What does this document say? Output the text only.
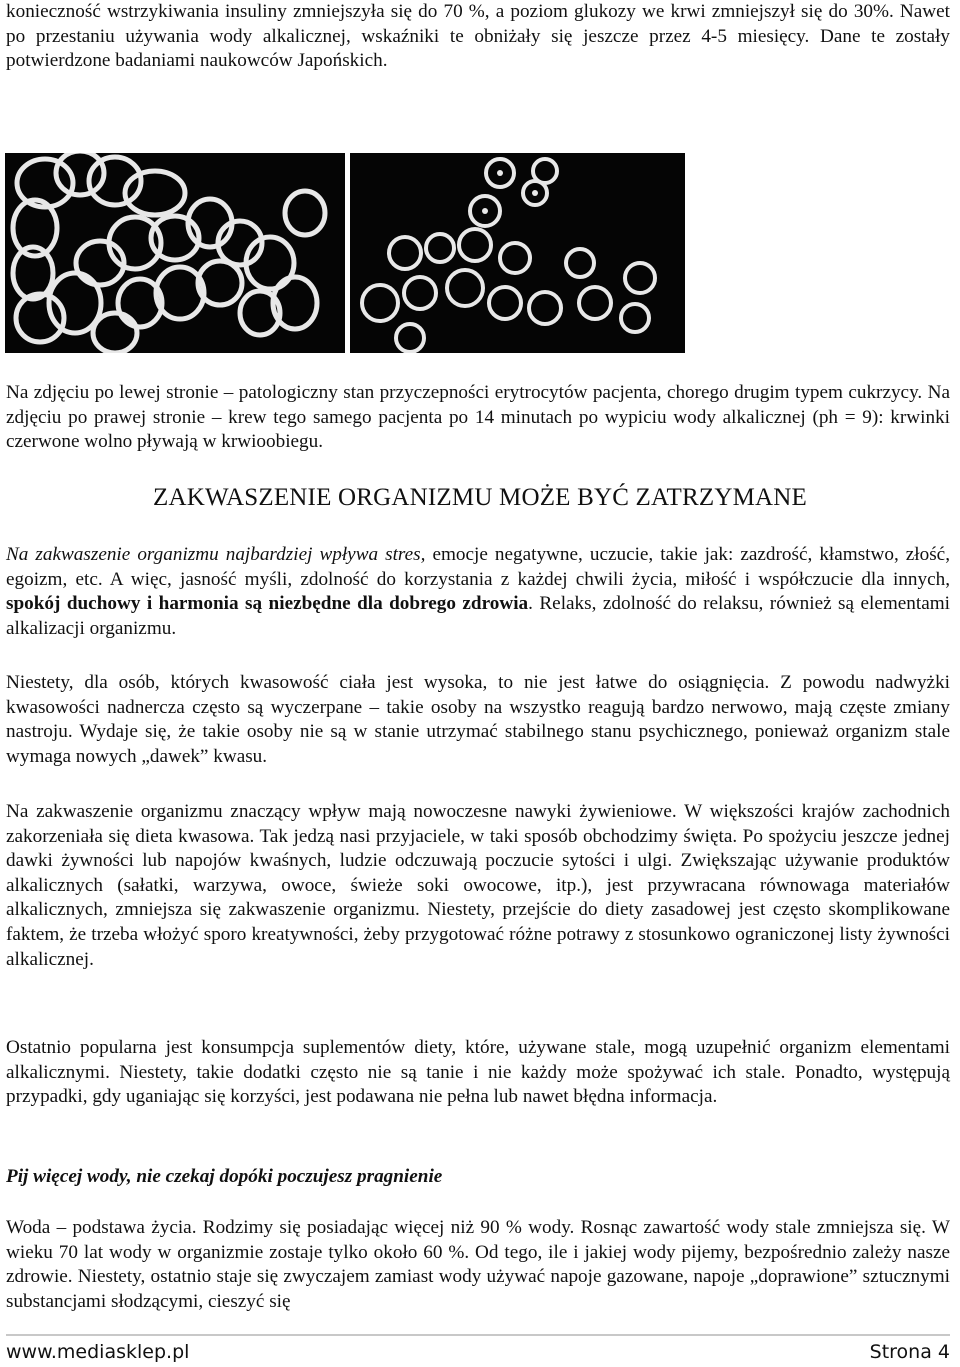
konieczność wstrzykiwania insuliny zmniejszyła się do 70 %, a poziom glukozy we krwi zmniejszył się do 30%. Nawet po przestaniu używania wody alkalicznej, wskaźniki te obniżały się jeszcze przez 4-5 miesięcy. Dane te zostały potwierdzone badaniami naukowców Japońskich.

Na zdjęciu po lewej stronie – patologiczny stan przyczepności erytrocytów pacjenta, chorego drugim typem cukrzycy. Na zdjęciu po prawej stronie – krew tego samego pacjenta po 14 minutach po wypiciu wody alkalicznej (ph = 9): krwinki czerwone wolno pływają w krwioobiegu.

ZAKWASZENIE ORGANIZMU MOŻE BYĆ ZATRZYMANE

Na zakwaszenie organizmu najbardziej wpływa stres, emocje negatywne, uczucie, takie jak: zazdrość, kłamstwo, złość, egoizm, etc. A więc, jasność myśli, zdolność do korzystania z każdej chwili życia, miłość i współczucie dla innych, spokój duchowy i harmonia są niezbędne dla dobrego zdrowia. Relaks, zdolność do relaksu, również są elementami alkalizacji organizmu.

Niestety, dla osób, których kwasowość ciała jest wysoka, to nie jest łatwe do osiągnięcia. Z powodu nadwyżki kwasowości nadnercza często są wyczerpane – takie osoby na wszystko reagują bardzo nerwowo, mają częste zmiany nastroju. Wydaje się, że takie osoby nie są w stanie utrzymać stabilnego stanu psychicznego, ponieważ organizm stale wymaga nowych „dawek” kwasu.

Na zakwaszenie organizmu znaczący wpływ mają nowoczesne nawyki żywieniowe. W większości krajów zachodnich zakorzeniała się dieta kwasowa. Tak jedzą nasi przyjaciele, w taki sposób obchodzimy święta. Po spożyciu jeszcze jednej dawki żywności lub napojów kwaśnych, ludzie odczuwają poczucie sytości i ulgi. Zwiększając używanie produktów alkalicznych (sałatki, warzywa, owoce, świeże soki owocowe, itp.), jest przywracana równowaga materiałów alkalicznych, zmniejsza się zakwaszenie organizmu. Niestety, przejście do diety zasadowej jest często skomplikowane faktem, że trzeba włożyć sporo kreatywności, żeby przygotować różne potrawy z stosunkowo ograniczonej listy żywności alkalicznej.

Ostatnio popularna jest konsumpcja suplementów diety, które, używane stale, mogą uzupełnić organizm elementami alkalicznymi. Niestety, takie dodatki często nie są tanie i nie każdy może spożywać ich stale. Ponadto, występują przypadki, gdy uganiając się korzyści, jest podawana nie pełna lub nawet błędna informacja.

Pij więcej wody, nie czekaj dopóki poczujesz pragnienie

Woda – podstawa życia. Rodzimy się posiadając więcej niż 90 % wody. Rosnąc zawartość wody stale zmniejsza się. W wieku 70 lat wody w organizmie zostaje tylko około 60 %. Od tego, ile i jakiej wody pijemy, bezpośrednio zależy nasze zdrowie. Niestety, ostatnio staje się zwyczajem zamiast wody używać napoje gazowane, napoje „doprawione” sztucznymi substancjami słodzącymi, cieszyć się

www.mediasklep.pl	Strona 4
